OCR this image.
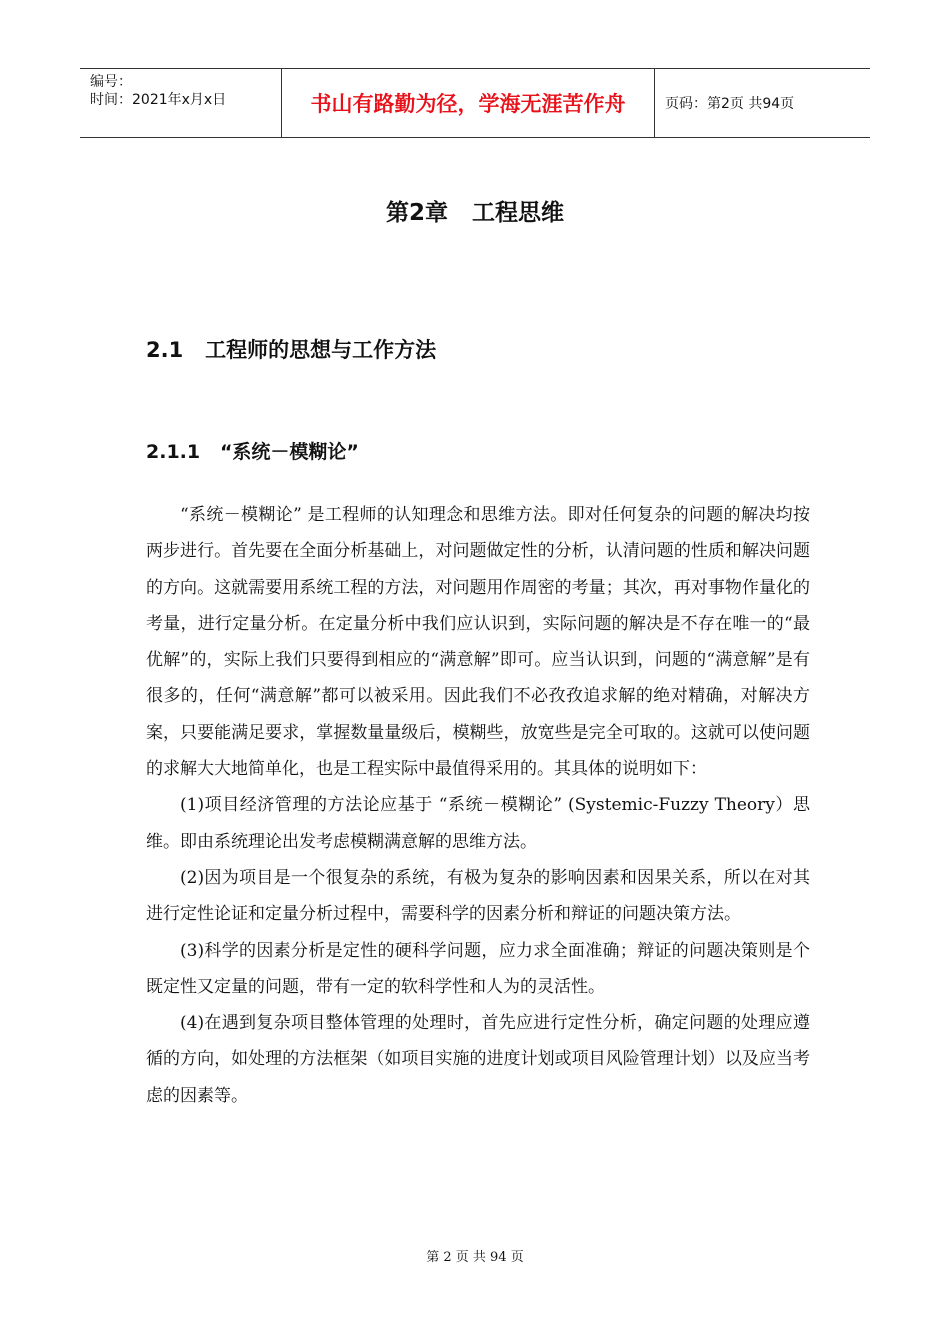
编号：
时间：2021年x月x日	书山有路勤为径，学海无涯苦作舟	页码：第2页 共94页
第2章   工程思维
2.1   工程师的思想与工作方法
2.1.1   “系统－模糊论”

“系统－模糊论” 是工程师的认知理念和思维方法。即对任何复杂的问题的解决均按两步进行。首先要在全面分析基础上，对问题做定性的分析，认清问题的性质和解决问题的方向。这就需要用系统工程的方法，对问题用作周密的考量；其次，再对事物作量化的考量，进行定量分析。在定量分析中我们应认识到，实际问题的解决是不存在唯一的“最优解”的，实际上我们只要得到相应的“满意解”即可。应当认识到，问题的“满意解”是有很多的，任何“满意解”都可以被采用。因此我们不必孜孜追求解的绝对精确，对解决方案，只要能满足要求，掌握数量量级后，模糊些，放宽些是完全可取的。这就可以使问题的求解大大地简单化，也是工程实际中最值得采用的。其具体的说明如下：

(1)项目经济管理的方法论应基于 “系统－模糊论” (Systemic-Fuzzy Theory）思维。即由系统理论出发考虑模糊满意解的思维方法。

(2)因为项目是一个很复杂的系统，有极为复杂的影响因素和因果关系，所以在对其进行定性论证和定量分析过程中，需要科学的因素分析和辩证的问题决策方法。

(3)科学的因素分析是定性的硬科学问题，应力求全面准确；辩证的问题决策则是个既定性又定量的问题，带有一定的软科学性和人为的灵活性。

(4)在遇到复杂项目整体管理的处理时，首先应进行定性分析，确定问题的处理应遵循的方向，如处理的方法框架（如项目实施的进度计划或项目风险管理计划）以及应当考虑的因素等。

第 2 页 共 94 页
